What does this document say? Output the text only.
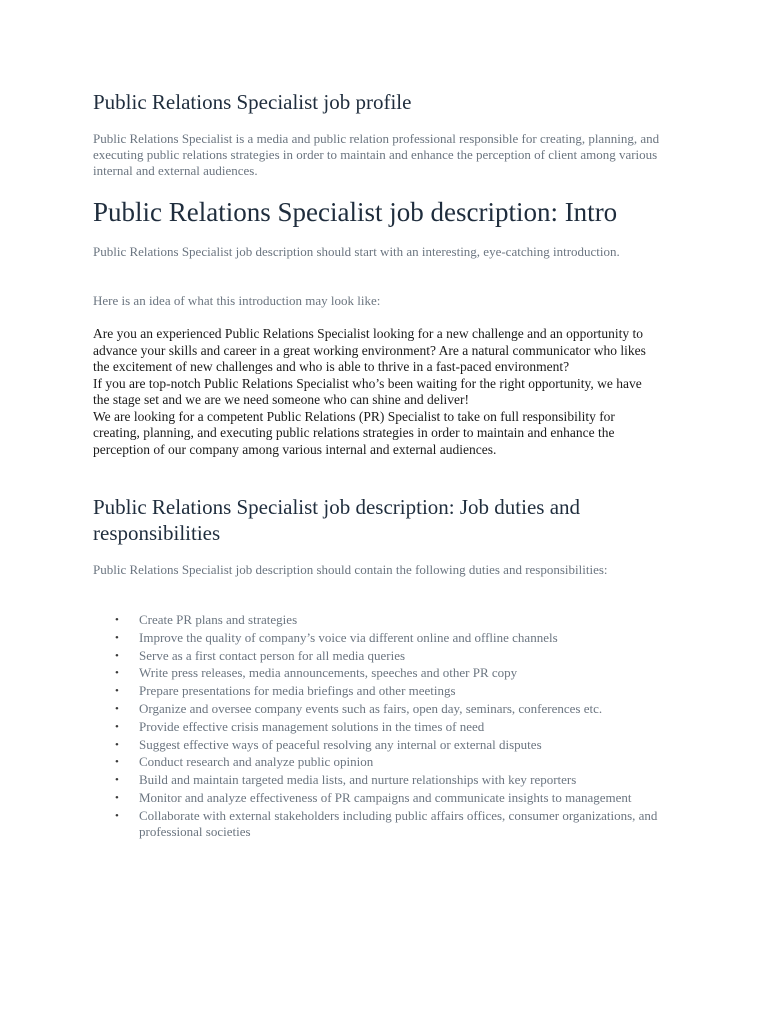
Public Relations Specialist job profile

Public Relations Specialist is a media and public relation professional responsible for creating, planning, and executing public relations strategies in order to maintain and enhance the perception of client among various internal and external audiences.

Public Relations Specialist job description: Intro

Public Relations Specialist job description should start with an interesting, eye-catching introduction.

Here is an idea of what this introduction may look like:

Are you an experienced Public Relations Specialist looking for a new challenge and an opportunity to advance your skills and career in a great working environment? Are a natural communicator who likes the excitement of new challenges and who is able to thrive in a fast-paced environment?

If you are top-notch Public Relations Specialist who’s been waiting for the right opportunity, we have the stage set and we are we need someone who can shine and deliver!

We are looking for a competent Public Relations (PR) Specialist to take on full responsibility for creating, planning, and executing public relations strategies in order to maintain and enhance the perception of our company among various internal and external audiences.

Public Relations Specialist job description: Job duties and responsibilities

Public Relations Specialist job description should contain the following duties and responsibilities:

• Create PR plans and strategies
• Improve the quality of company’s voice via different online and offline channels
• Serve as a first contact person for all media queries
• Write press releases, media announcements, speeches and other PR copy
• Prepare presentations for media briefings and other meetings
• Organize and oversee company events such as fairs, open day, seminars, conferences etc.
• Provide effective crisis management solutions in the times of need
• Suggest effective ways of peaceful resolving any internal or external disputes
• Conduct research and analyze public opinion
• Build and maintain targeted media lists, and nurture relationships with key reporters
• Monitor and analyze effectiveness of PR campaigns and communicate insights to management
• Collaborate with external stakeholders including public affairs offices, consumer organizations, and professional societies
